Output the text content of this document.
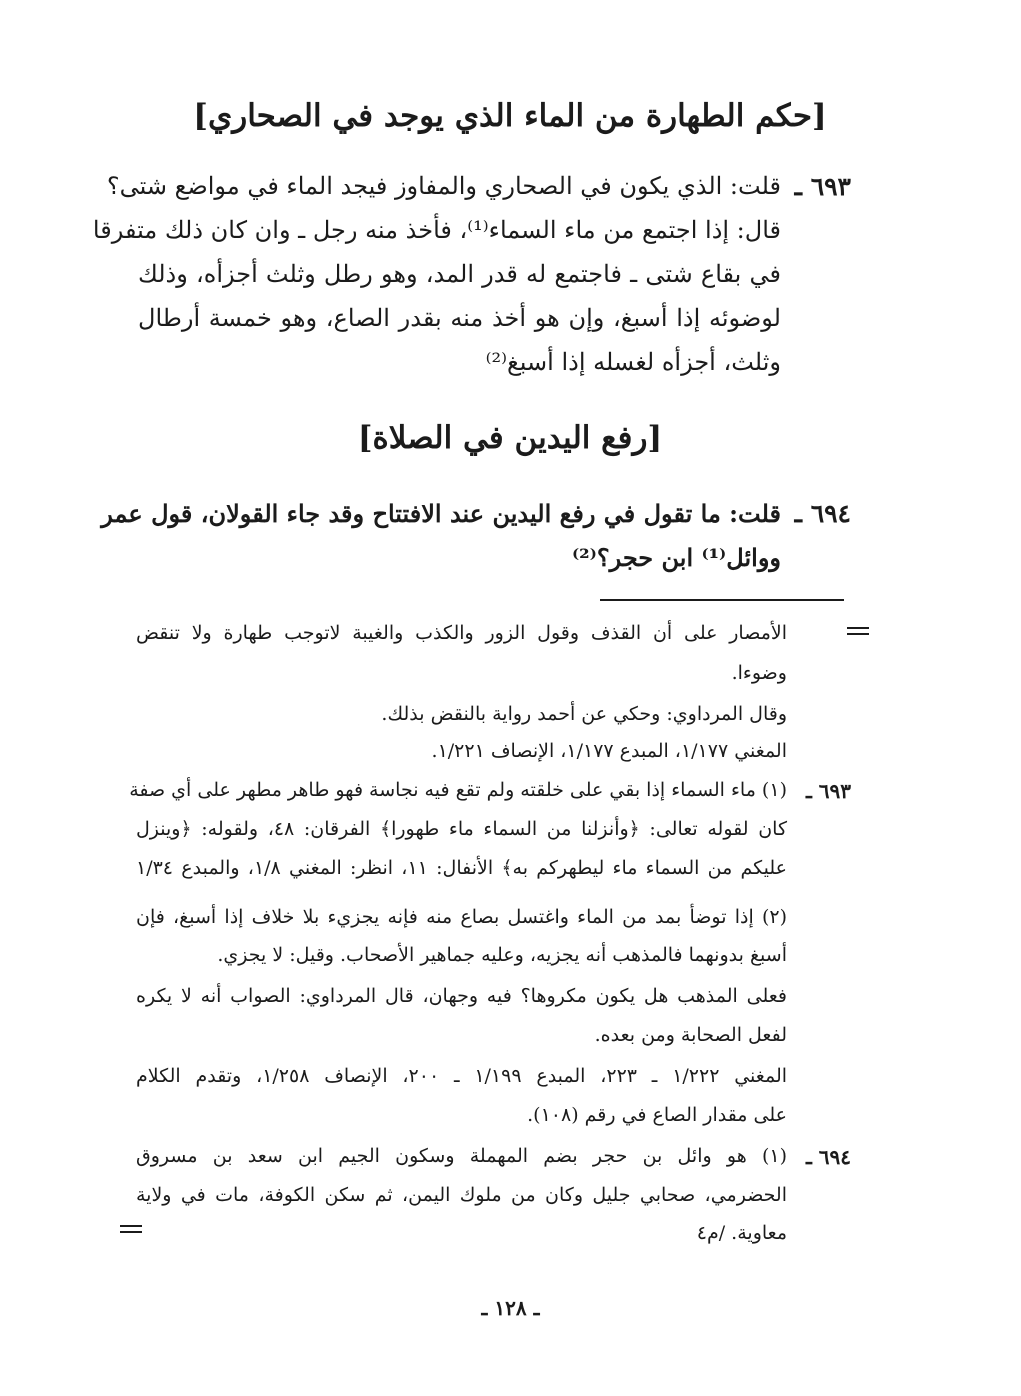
[حكم الطهارة من الماء الذي يوجد في الصحاري]
٦٩٣ ـ
قلت: الذي يكون في الصحاري والمفاوز فيجد الماء في مواضع شتى؟
قال: إذا اجتمع من ماء السماء⁽¹⁾، فأخذ منه رجل ـ وان كان ذلك متفرقا
في بقاع شتى ـ فاجتمع له قدر المد، وهو رطل وثلث أجزأه، وذلك
لوضوئه إذا أسبغ، وإن هو أخذ منه بقدر الصاع، وهو خمسة أرطال
وثلث، أجزأه لغسله إذا أسبغ⁽²⁾
[رفع اليدين في الصلاة]
٦٩٤ ـ
قلت: ما تقول في رفع اليدين عند الافتتاح وقد جاء القولان، قول عمر
ووائل⁽¹⁾ ابن حجر؟⁽²⁾
الأمصار على أن القذف وقول الزور والكذب والغيبة لاتوجب طهارة ولا تنقض
وضوءا.
وقال المرداوي: وحكي عن أحمد رواية بالنقض بذلك.
المغني ١/١٧٧، المبدع ١/١٧٧، الإنصاف ١/٢٢١.
٦٩٣ ـ
(١) ماء السماء إذا بقي على خلقته ولم تقع فيه نجاسة فهو طاهر مطهر على أي صفة
كان لقوله تعالى: ﴿وأنزلنا من السماء ماء طهورا﴾ الفرقان: ٤٨، ولقوله: ﴿وينزل
عليكم من السماء ماء ليطهركم به﴾ الأنفال: ١١، انظر: المغني ١/٨، والمبدع ١/٣٤
(٢) إذا توضأ بمد من الماء واغتسل بصاع منه فإنه يجزيء بلا خلاف إذا أسبغ، فإن
أسبغ بدونهما فالمذهب أنه يجزيه، وعليه جماهير الأصحاب. وقيل: لا يجزي.
فعلى المذهب هل يكون مكروها؟ فيه وجهان، قال المرداوي: الصواب أنه لا يكره
لفعل الصحابة ومن بعده.
المغني ١/٢٢٢ ـ ٢٢٣، المبدع ١/١٩٩ ـ ٢٠٠، الإنصاف ١/٢٥٨، وتقدم الكلام
على مقدار الصاع في رقم (١٠٨).
٦٩٤ ـ
(١) هو وائل بن حجر بضم المهملة وسكون الجيم ابن سعد بن مسروق
الحضرمي، صحابي جليل وكان من ملوك اليمن، ثم سكن الكوفة، مات في ولاية
معاوية. /م٤
ـ ١٢٨ ـ
